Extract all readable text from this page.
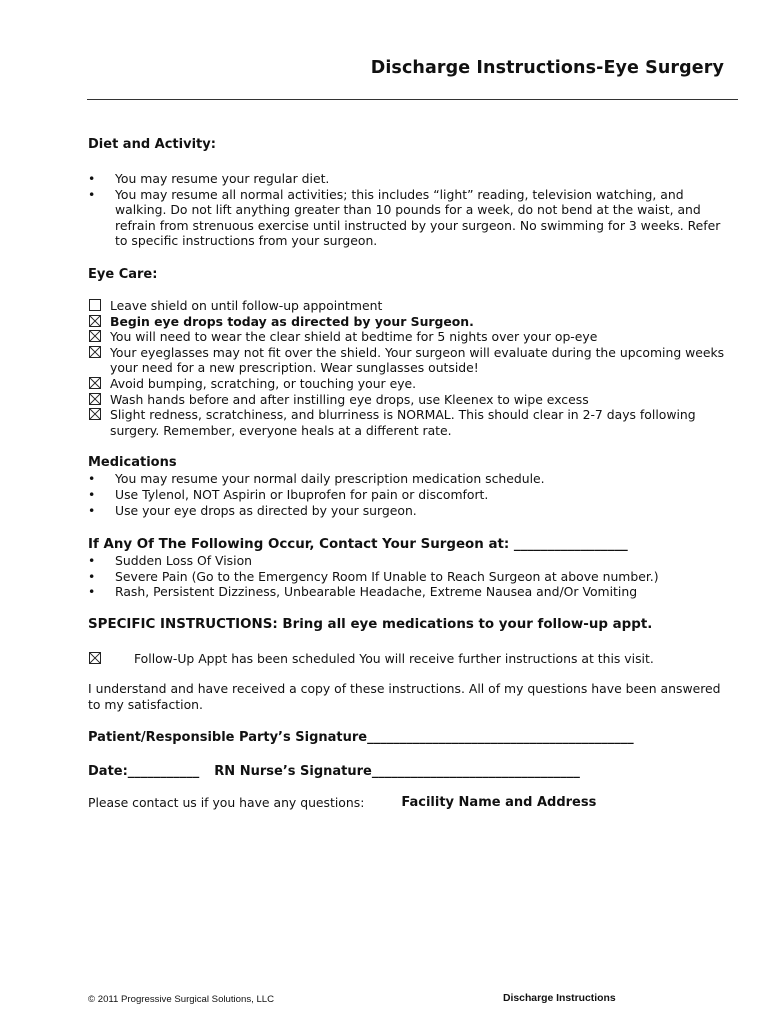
Discharge Instructions-Eye Surgery
Diet and Activity:
• You may resume your regular diet.
• You may resume all normal activities; this includes “light” reading, television watching, and walking. Do not lift anything greater than 10 pounds for a week, do not bend at the waist, and refrain from strenuous exercise until instructed by your surgeon. No swimming for 3 weeks. Refer to specific instructions from your surgeon.
Eye Care:
Leave shield on until follow-up appointment
Begin eye drops today as directed by your Surgeon.
You will need to wear the clear shield at bedtime for 5 nights over your op-eye
Your eyeglasses may not fit over the shield. Your surgeon will evaluate during the upcoming weeks your need for a new prescription. Wear sunglasses outside!
Avoid bumping, scratching, or touching your eye.
Wash hands before and after instilling eye drops, use Kleenex to wipe excess
Slight redness, scratchiness, and blurriness is NORMAL. This should clear in 2-7 days following surgery. Remember, everyone heals at a different rate.
Medications
• You may resume your normal daily prescription medication schedule.
• Use Tylenol, NOT Aspirin or Ibuprofen for pain or discomfort.
• Use your eye drops as directed by your surgeon.
If Any Of The Following Occur, Contact Your Surgeon at: _________________
• Sudden Loss Of Vision
• Severe Pain (Go to the Emergency Room If Unable to Reach Surgeon at above number.)
• Rash, Persistent Dizziness, Unbearable Headache, Extreme Nausea and/Or Vomiting
SPECIFIC INSTRUCTIONS: Bring all eye medications to your follow-up appt.
Follow-Up Appt has been scheduled You will receive further instructions at this visit.
I understand and have received a copy of these instructions. All of my questions have been answered to my satisfaction.
Patient/Responsible Party’s Signature_________________________________________
Date:___________ RN Nurse’s Signature________________________________
Please contact us if you have any questions:	Facility Name and Address
© 2011 Progressive Surgical Solutions, LLC	Discharge Instructions
